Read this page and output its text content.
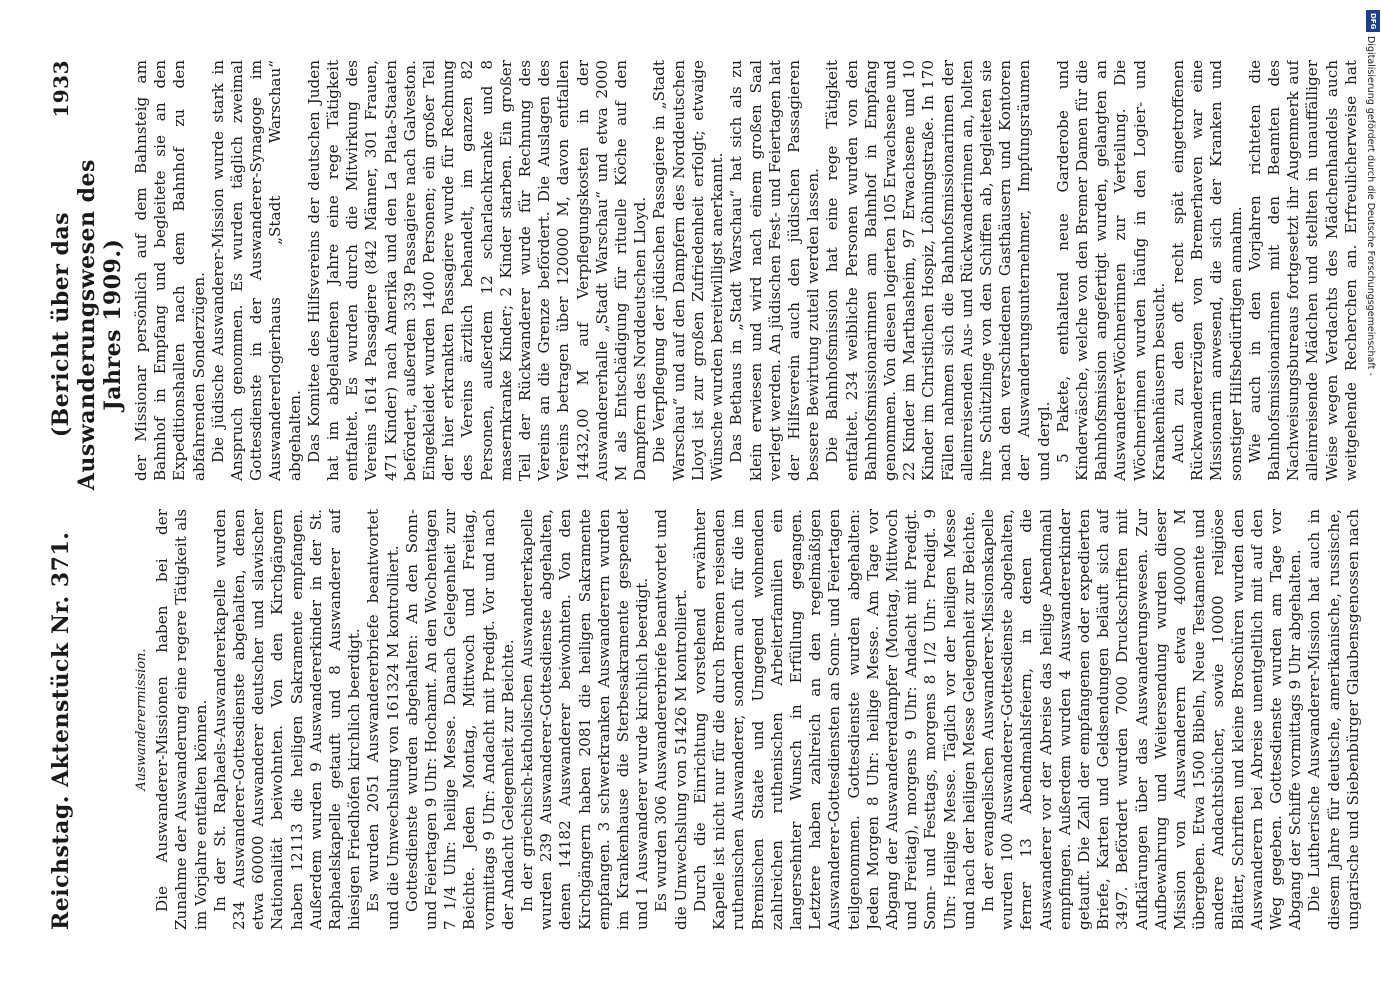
Reichstag. Aktenstück Nr. 371.
(Bericht über das Auswanderungswesen des Jahres 1909.)
1933

Auswanderermission. Die Auswanderer-Missionen haben bei der Zunahme der Auswanderung eine regere Tätigkeit als im Vorjahre entfalten können. In der St. Raphaels-Auswandererkapelle wurden 234 Auswanderer-Gottesdienste abgehalten, denen etwa 60000 Auswanderer deutscher und slawischer Nationalität beiwohnten. Von den Kirchgängern haben 12113 die heiligen Sakramente empfangen. Außerdem wurden 9 Auswandererkinder in der St. Raphaelskapelle getauft und 8 Auswanderer auf hiesigen Friedhöfen kirchlich beerdigt. Es wurden 2051 Auswandererbriefe beantwortet und die Umwechslung von 161324 M kontrolliert. Gottesdienste wurden abgehalten: An den Sonn- und Feiertagen 9 Uhr: Hochamt. An den Wochentagen 7 1/4 Uhr: heilige Messe. Danach Gelegenheit zur Beichte. Jeden Montag, Mittwoch und Freitag, vormittags 9 Uhr: Andacht mit Predigt. Vor und nach der Andacht Gelegenheit zur Beichte. In der griechisch-katholischen Auswandererkapelle wurden 239 Auswanderer-Gottesdienste abgehalten, denen 14182 Auswanderer beiwohnten. Von den Kirchgängern haben 2081 die heiligen Sakramente empfangen. 3 schwerkranken Auswanderern wurden im Krankenhause die Sterbesakramente gespendet und 1 Auswanderer wurde kirchlich beerdigt. Es wurden 306 Auswandererbriefe beantwortet und die Umwechslung von 51426 M kontrolliert. Durch die Einrichtung vorstehend erwähnter Kapelle ist nicht nur für die durch Bremen reisenden ruthenischen Auswanderer, sondern auch für die im Bremischen Staate und Umgegend wohnenden zahlreichen ruthenischen Arbeiterfamilien ein langersehnter Wunsch in Erfüllung gegangen. Letztere haben zahlreich an den regelmäßigen Auswanderer-Gottesdiensten an Sonn- und Feiertagen teilgenommen. Gottesdienste wurden abgehalten: Jeden Morgen 8 Uhr: heilige Messe. Am Tage vor Abgang der Auswandererdampfer (Montag, Mittwoch und Freitag), morgens 9 Uhr: Andacht mit Predigt. Sonn- und Festtags, morgens 8 1/2 Uhr: Predigt. 9 Uhr: Heilige Messe. Täglich vor der heiligen Messe und nach der heiligen Messe Gelegenheit zur Beichte. In der evangelischen Auswanderer-Missionskapelle wurden 100 Auswanderer-Gottesdienste abgehalten, ferner 13 Abendmahlsfeiern, in denen die Auswanderer vor der Abreise das heilige Abendmahl empfingen. Außerdem wurden 4 Auswandererkinder getauft. Die Zahl der empfangenen oder expedierten Briefe, Karten und Geldsendungen beläuft sich auf 3497. Befördert wurden 7000 Druckschriften mit Aufklärungen über das Auswanderungswesen. Zur Aufbewahrung und Weitersendung wurden dieser Mission von Auswanderern etwa 400000 M übergeben. Etwa 1500 Bibeln, Neue Testamente und andere Andachtsbücher, sowie 10000 religiöse Blätter, Schriften und kleine Broschüren wurden den Auswanderern bei Abreise unentgeltlich mit auf den Weg gegeben. Gottesdienste wurden am Tage vor Abgang der Schiffe vormittags 9 Uhr abgehalten. Die Lutherische Auswanderer-Mission hat auch in diesem Jahre für deutsche, amerikanische, russische, ungarische und Siebenbürger Glaubensgenossen nach

der Missionar persönlich auf dem Bahnsteig am Bahnhof in Empfang und begleitete sie an den Expeditionshallen nach dem Bahnhof zu den abfahrenden Sonderzügen. Die jüdische Auswanderer-Mission wurde stark in Anspruch genommen. Es wurden täglich zweimal Gottesdienste in der Auswanderer-Synagoge im Auswandererlogierhaus „Stadt Warschau“ abgehalten. Das Komitee des Hilfsvereins der deutschen Juden hat im abgelaufenen Jahre eine rege Tätigkeit entfaltet. Es wurden durch die Mitwirkung des Vereins 1614 Passagiere (842 Männer, 301 Frauen, 471 Kinder) nach Amerika und den La Plata-Staaten befördert, außerdem 339 Passagiere nach Galveston. Eingekleidet wurden 1400 Personen; ein großer Teil der hier erkrankten Passagiere wurde für Rechnung des Vereins ärztlich behandelt, im ganzen 82 Personen, außerdem 12 scharlachkranke und 8 masernkranke Kinder; 2 Kinder starben. Ein großer Teil der Rückwanderer wurde für Rechnung des Vereins an die Grenze befördert. Die Auslagen des Vereins betragen über 120000 M, davon entfallen 14432,00 M auf Verpflegungskosten in der Auswandererhalle „Stadt Warschau“ und etwa 2000 M als Entschädigung für rituelle Köche auf den Dampfern des Norddeutschen Lloyd. Die Verpflegung der jüdischen Passagiere in „Stadt Warschau“ und auf den Dampfern des Norddeutschen Lloyd ist zur großen Zufriedenheit erfolgt; etwaige Wünsche wurden bereitwilligst anerkannt. Das Bethaus in „Stadt Warschau“ hat sich als zu klein erwiesen und wird nach einem großen Saal verlegt werden. An jüdischen Fest- und Feiertagen hat der Hilfsverein auch den jüdischen Passagieren bessere Bewirtung zuteil werden lassen. Die Bahnhofsmission hat eine rege Tätigkeit entfaltet. 234 weibliche Personen wurden von den Bahnhofsmissionarinnen am Bahnhof in Empfang genommen. Von diesen logierten 105 Erwachsene und 22 Kinder im Marthasheim, 97 Erwachsene und 10 Kinder im Christlichen Hospiz, Löhningstraße. In 170 Fällen nahmen sich die Bahnhofsmissionarinnen der alleinreisenden Aus- und Rückwanderinnen an, holten ihre Schützlinge von den Schiffen ab, begleiteten sie nach den verschiedenen Gasthäusern und Kontoren der Auswanderungsunternehmer, Impfungsräumen und dergl. 5 Pakete, enthaltend neue Garderobe und Kinderwäsche, welche von den Bremer Damen für die Bahnhofsmission angefertigt wurden, gelangten an Auswanderer-Wöchnerinnen zur Verteilung. Die Wöchnerinnen wurden häufig in den Logier- und Krankenhäusern besucht. Auch zu den oft recht spät eingetroffenen Rückwandererzügen von Bremerhaven war eine Missionarin anwesend, die sich der Kranken und sonstiger Hilfsbedürftigen annahm. Wie auch in den Vorjahren richteten die Bahnhofsmissionarinnen mit den Beamten des Nachweisungsbureaus fortgesetzt ihr Augenmerk auf alleinreisende Mädchen und stellten in unauffälliger Weise wegen Verdachts des Mädchenhandels auch weitgehende Recherchen an. Erfreulicherweise hat

DFG
Digitalisierung gefördert durch die Deutsche Forschungsgemeinschaft -
